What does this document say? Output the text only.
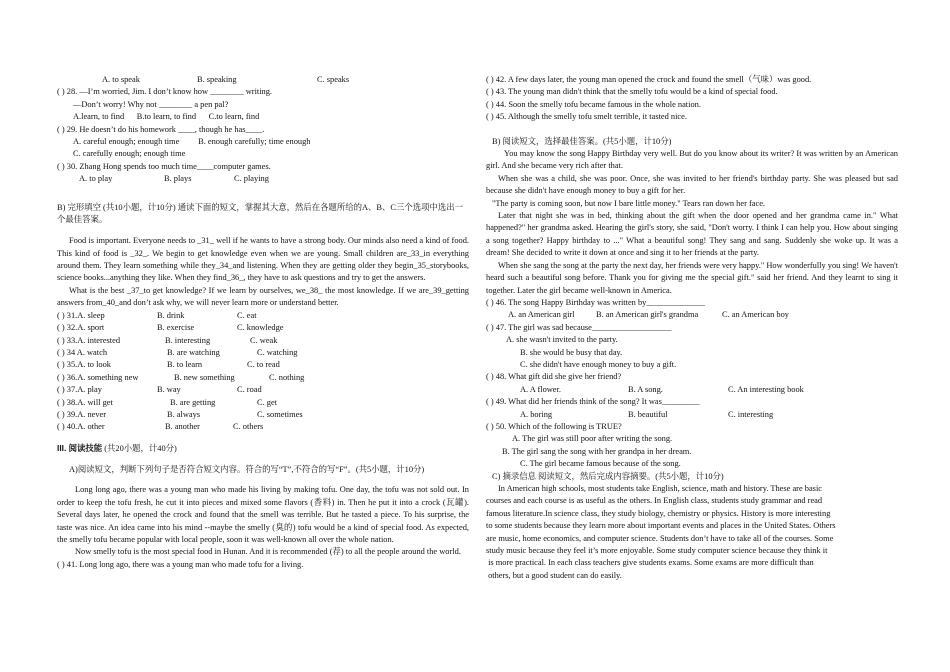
A. to speak	B. speaking	C. speaks

( ) 28. —I’m worried, Jim. I don’t know how ________ writing.

—Don’t worry! Why not ________ a pen pal?

A.learn, to find      B.to learn, to find      C.to learn, find

( ) 29. He doesn’t do his homework ____, though he has____.

A. careful enough; enough time         B. enough carefully; time enough

C. carefully enough; enough time

( ) 30. Zhang Hong spends too much time____computer games.

A. to play	B. plays	C. playing

B) 完形填空 (共10小题，计10分) 通读下面的短文，掌握其大意，然后在各题所给的A、B、C三个选项中选出一个最佳答案。

Food is important. Everyone needs to _31_ well if he wants to have a strong body. Our minds also need a kind of food. This kind of food is _32_. We begin to get knowledge even when we are young. Small children are_33_in everything around them. They learn something while they_34_and listening. When they are getting older they begin_35_storybooks, science books...anything they like. When they find_36_, they have to ask questions and try to get the answers.

What is the best _37_to get knowledge? If we learn by ourselves, we_38_ the most knowledge. If we are_39_getting answers from_40_and don’t ask why, we will never learn more or understand better.

( ) 31.A. sleep	B. drink	C. eat
( ) 32.A. sport	B. exercise	C. knowledge
( ) 33.A. interested	B. interesting	C. weak
( ) 34 A. watch	B. are watching	C. watching
( ) 35.A. to look	B. to learn	C. to read
( ) 36.A. something new	B. new something	C. nothing
( ) 37.A. play	B. way	C. road
( ) 38.A. will get	B. are getting	C. get
( ) 39.A. never	B. always	C. sometimes
( ) 40.A. other	B. another	C. others

III. 阅读技能 (共20小题，计40分)

A)阅读短文，判断下列句子是否符合短文内容。符合的写“T”,不符合的写“F”。(共5小题，计10分)

Long long ago, there was a young man who made his living by making tofu. One day, the tofu was not sold out. In order to keep the tofu fresh, he cut it into pieces and mixed some flavors (香料) in. Then he put it into a crock (瓦罐). Several days later, he opened the crock and found that the smell was terrible. But he tasted a piece. To his surprise, the taste was nice. An idea came into his mind --maybe the smelly (臭的) tofu would be a kind of special food. As expected, the smelly tofu became popular with local people, soon it was well-known all over the whole nation.

Now smelly tofu is the most special food in Hunan. And it is recommended (荐) to all the people around the world.

( ) 41. Long long ago, there was a young man who made tofu for a living.

( ) 42. A few days later, the young man opened the crock and found the smell（气味）was good.

( ) 43. The young man didn't think that the smelly tofu would be a kind of special food.

( ) 44. Soon the smelly tofu became famous in the whole nation.

( ) 45. Although the smelly tofu smelt terrible, it tasted nice.

B) 阅读短文，选择最佳答案。(共5小题，计10分)

You may know the song Happy Birthday very well. But do you know about its writer? It was written by an American girl. And she became very rich after that.

When she was a child, she was poor. Once, she was invited to her friend's birthday party. She was pleased but sad because she didn't have enough money to buy a gift for her.

"The party is coming soon, but now I bare little money." Tears ran down her face.

Later that night she was in bed, thinking about the gift when the door opened and her grandma came in." What happened?" her grandma asked. Hearing the girl's story, she said, "Don't worry. I think I can help you. How about singing a song together? Happy birthday to ..." What a beautiful song! They sang and sang. Suddenly she woke up. It was a dream! She decided to write it down at once and sing it to her friends at the party.

When she sang the song at the party the next day, her friends were very happy." How wonderfully you sing! We haven't heard such a beautiful song before. Thank you for giving me the special gift." said her friend. And they learnt to sing it together. Later the girl became well-known in America.

( ) 46. The song Happy Birthday was written by______________

A. an American girl	B. an American girl's grandma	C. an American boy

( ) 47. The girl was sad because___________________

A. she wasn't invited to the party.

B. she would be busy that day.

C. she didn't have enough money to buy a gift.

( ) 48. What gift did she give her friend?

A. A flower.	B. A song.	C. An interesting book

( ) 49. What did her friends think of the song? It was_________

A. boring	B. beautiful	C. interesting

( ) 50. Which of the following is TRUE?

A. The girl was still poor after writing the song.

B. The girl sang the song with her grandpa in her dream.

C. The girl became famous because of the song.

C) 摘录信息 阅读短文，然后完成内容摘要。(共5小题，计10分)

In American high schools, most students take English, science, math and history. These are basic

courses and each course is as useful as the others. In English class, students study grammar and read

famous literature.In science class, they study biology, chemistry or physics. History is more interesting

to some students because they learn more about important events and places in the United States. Others

are music, home economics, and computer science. Students don’t have to take all of the courses. Some

study music because they feel it’s more enjoyable. Some study computer science because they think it

is more practical. In each class teachers give students exams. Some exams are more difficult than

others, but a good student can do easily.
